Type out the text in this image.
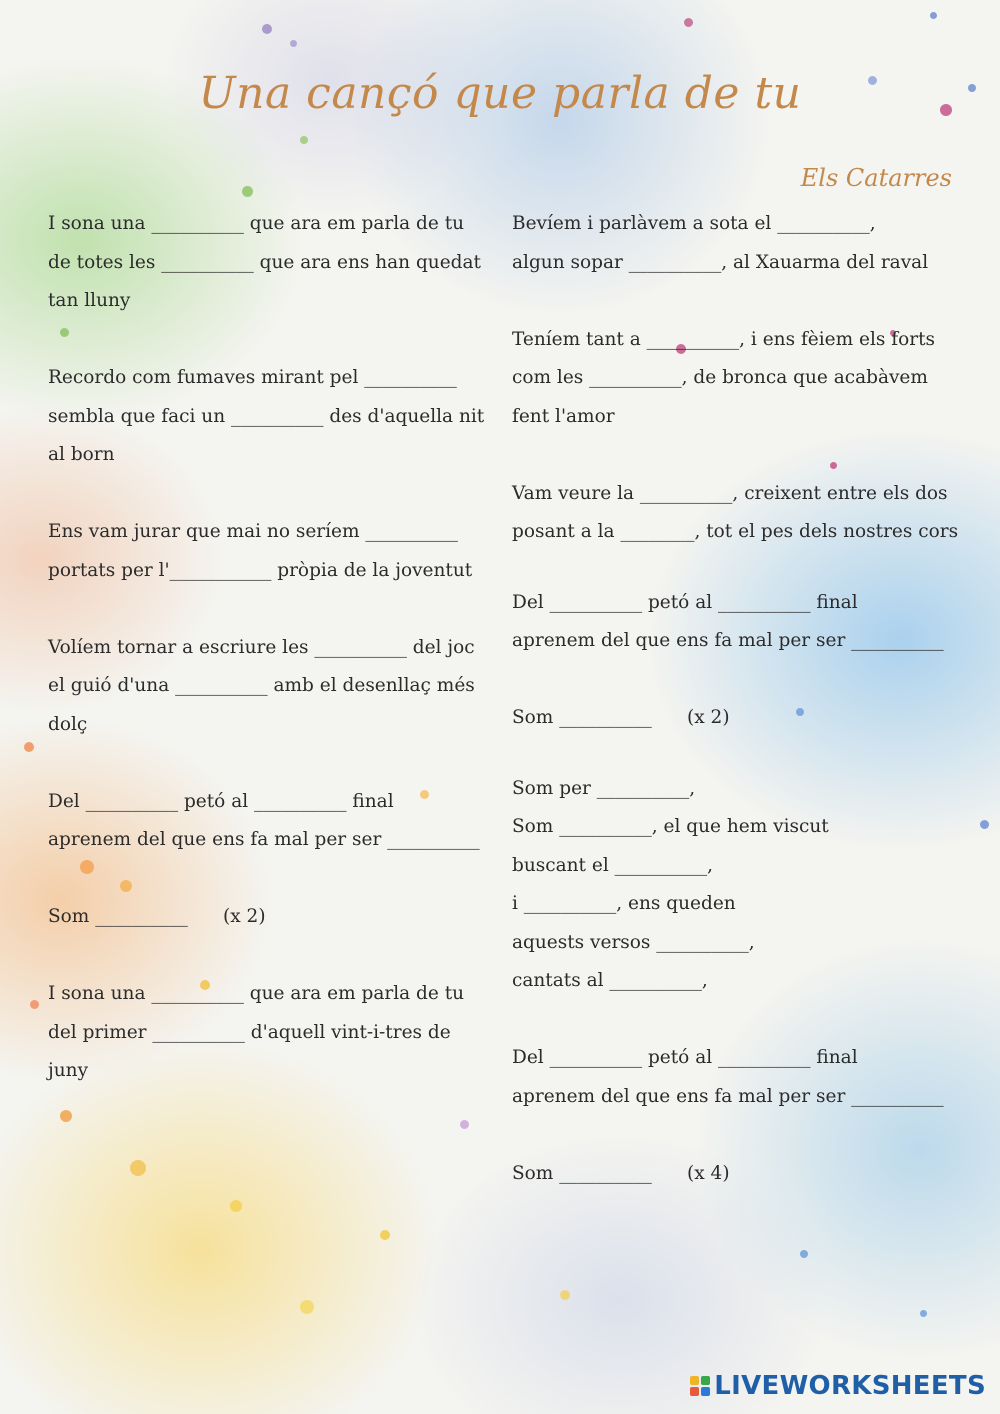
Una cançó que parla de tu
Els Catarres
I sona una __________ que ara em parla de tu
de totes les __________ que ara ens han quedat
tan lluny
Recordo com fumaves mirant pel __________
sembla que faci un __________ des d'aquella nit
al born
Ens vam jurar que mai no seríem __________
portats per l'___________ pròpia de la joventut
Volíem tornar a escriure les __________ del joc
el guió d'una __________ amb el desenllaç més
dolç
Del __________ petó al __________ final
aprenem del que ens fa mal per ser __________
Som __________      (x 2)
I sona una __________ que ara em parla de tu
del primer __________ d'aquell vint-i-tres de
juny
Bevíem i parlàvem a sota el __________,
algun sopar __________, al Xauarma del raval
Teníem tant a __________, i ens fèiem els forts
com les __________, de bronca que acabàvem
fent l'amor
Vam veure la __________, creixent entre els dos
posant a la ________, tot el pes dels nostres cors
Del __________ petó al __________ final
aprenem del que ens fa mal per ser __________
Som __________      (x 2)
Som per __________,
Som __________, el que hem viscut
buscant el __________,
i __________, ens queden
aquests versos __________,
cantats al __________,
Del __________ petó al __________ final
aprenem del que ens fa mal per ser __________
Som __________      (x 4)
LIVEWORKSHEETS
